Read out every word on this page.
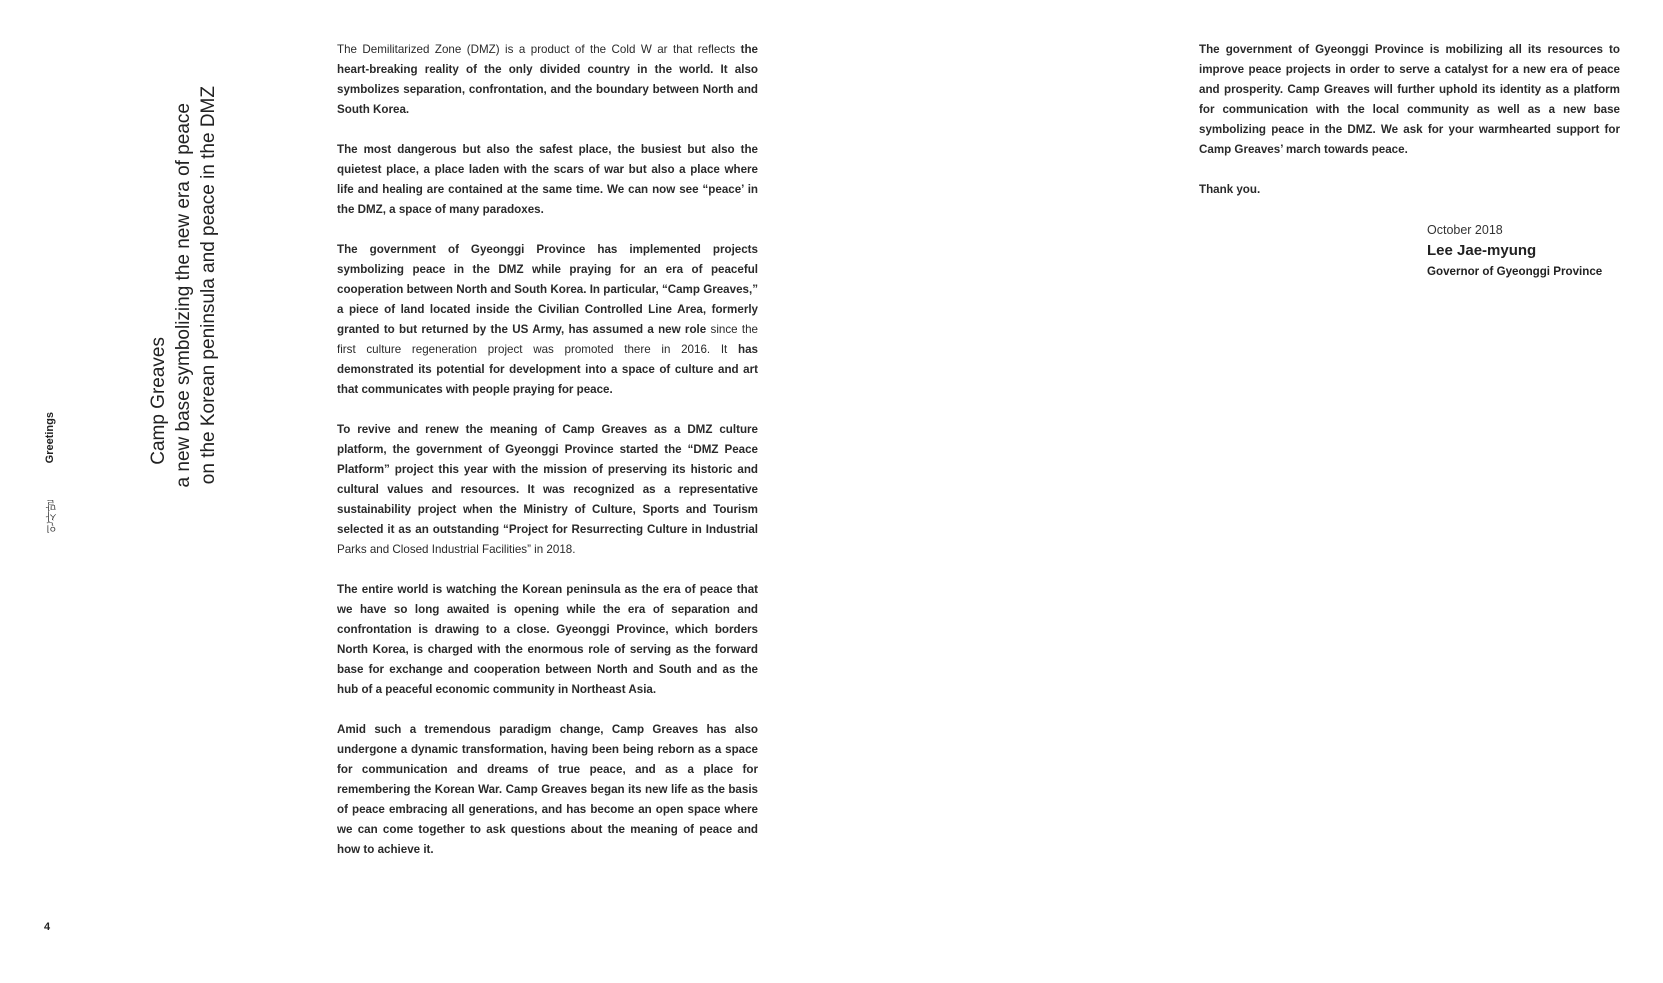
인사말
Greetings	Camp Greaves a new base symbolizing the new era of peace on the Korean peninsula and peace in the DMZ
4

The Demilitarized Zone (DMZ) is a product of the Cold W ar that reflects the heart-breaking reality of the only divided country in the world. It also symbolizes separation, confrontation, and the boundary between North and South Korea.

The most dangerous but also the safest place, the busiest but also the quietest place, a place laden with the scars of war but also a place where life and healing are contained at the same time. We can now see “peace’ in the DMZ, a space of many paradoxes.

The government of Gyeonggi Province has implemented projects symbolizing peace in the DMZ while praying for an era of peaceful cooperation between North and South Korea. In particular, “Camp Greaves,” a piece of land located inside the Civilian Controlled Line Area, formerly granted to but returned by the US Army, has assumed a new role since the first culture regeneration project was promoted there in 2016. It has demonstrated its potential for development into a space of culture and art that communicates with people praying for peace.

To revive and renew the meaning of Camp Greaves as a DMZ culture platform, the government of Gyeonggi Province started the “DMZ Peace Platform” project this year with the mission of preserving its historic and cultural values and resources. It was recognized as a representative sustainability project when the Ministry of Culture, Sports and Tourism selected it as an outstanding “Project for Resurrecting Culture in Industrial Parks and Closed Industrial Facilities” in 2018.

The entire world is watching the Korean peninsula as the era of peace that we have so long awaited is opening while the era of separation and confrontation is drawing to a close. Gyeonggi Province, which borders North Korea, is charged with the enormous role of serving as the forward base for exchange and cooperation between North and South and as the hub of a peaceful economic community in Northeast Asia.

Amid such a tremendous paradigm change, Camp Greaves has also undergone a dynamic transformation, having been being reborn as a space for communication and dreams of true peace, and as a place for remembering the Korean War. Camp Greaves began its new life as the basis of peace embracing all generations, and has become an open space where we can come together to ask questions about the meaning of peace and how to achieve it.

The government of Gyeonggi Province is mobilizing all its resources to improve peace projects in order to serve a catalyst for a new era of peace and prosperity. Camp Greaves will further uphold its identity as a platform for communication with the local community as well as a new base symbolizing peace in the DMZ. We ask for your warmhearted support for Camp Greaves’ march towards peace.

Thank you.

October 2018
Lee Jae-myung
Governor of Gyeonggi Province
